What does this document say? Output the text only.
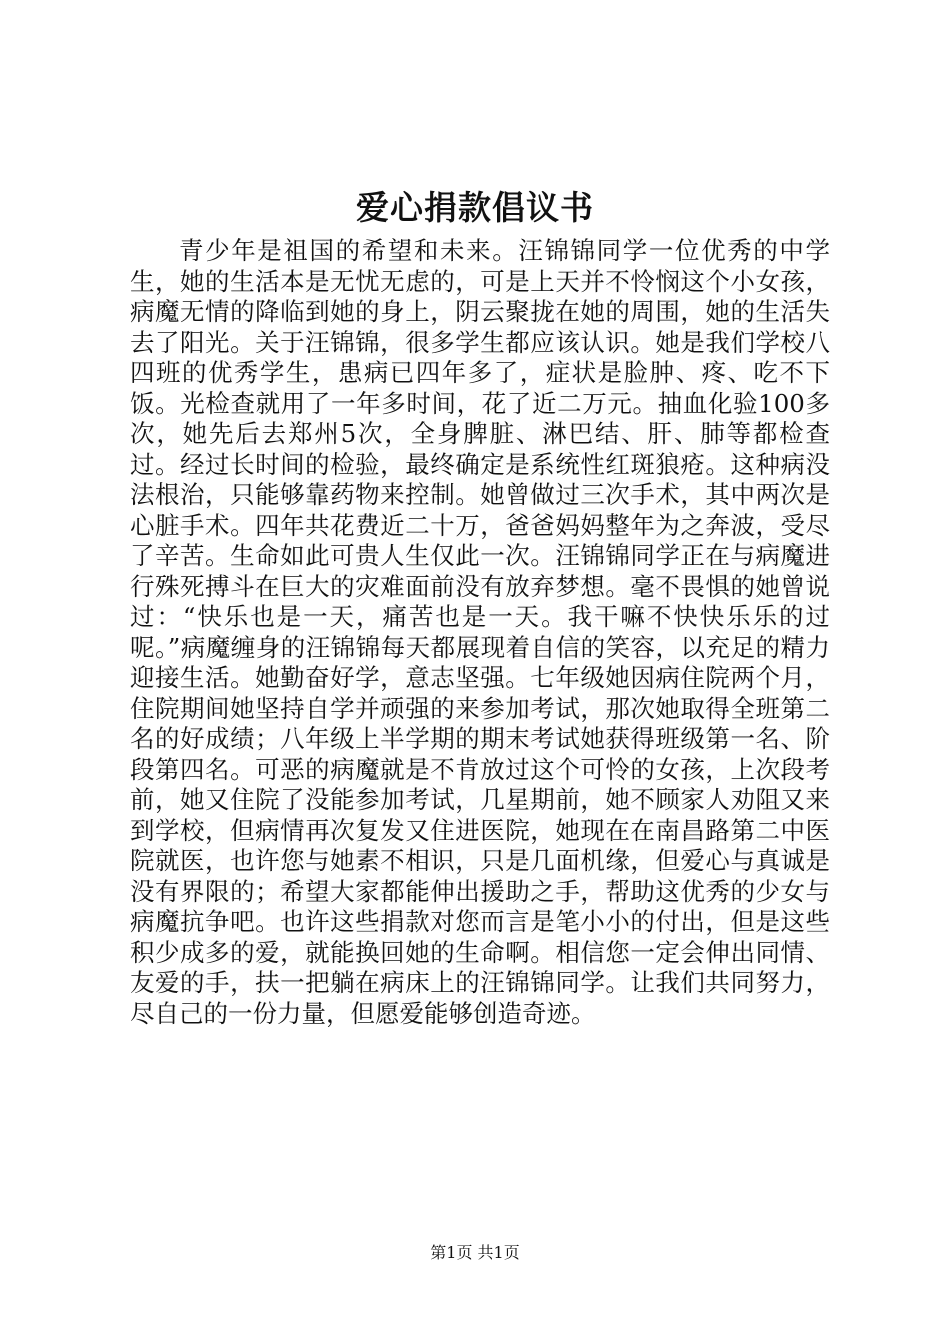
爱心捐款倡议书

青少年是祖国的希望和未来。汪锦锦同学一位优秀的中学生，她的生活本是无忧无虑的，可是上天并不怜悯这个小女孩，病魔无情的降临到她的身上，阴云聚拢在她的周围，她的生活失去了阳光。关于汪锦锦，很多学生都应该认识。她是我们学校八四班的优秀学生，患病已四年多了，症状是脸肿、疼、吃不下饭。光检查就用了一年多时间，花了近二万元。抽血化验100多次，她先后去郑州5次，全身脾脏、淋巴结、肝、肺等都检查过。经过长时间的检验，最终确定是系统性红斑狼疮。这种病没法根治，只能够靠药物来控制。她曾做过三次手术，其中两次是心脏手术。四年共花费近二十万，爸爸妈妈整年为之奔波，受尽了辛苦。生命如此可贵人生仅此一次。汪锦锦同学正在与病魔进行殊死搏斗在巨大的灾难面前没有放弃梦想。毫不畏惧的她曾说过：“快乐也是一天，痛苦也是一天。我干嘛不快快乐乐的过呢。”病魔缠身的汪锦锦每天都展现着自信的笑容，以充足的精力迎接生活。她勤奋好学，意志坚强。七年级她因病住院两个月，住院期间她坚持自学并顽强的来参加考试，那次她取得全班第二名的好成绩；八年级上半学期的期末考试她获得班级第一名、阶段第四名。可恶的病魔就是不肯放过这个可怜的女孩，上次段考前，她又住院了没能参加考试，几星期前，她不顾家人劝阻又来到学校，但病情再次复发又住进医院，她现在在南昌路第二中医院就医，也许您与她素不相识，只是几面机缘，但爱心与真诚是没有界限的；希望大家都能伸出援助之手，帮助这优秀的少女与病魔抗争吧。也许这些捐款对您而言是笔小小的付出，但是这些积少成多的爱，就能换回她的生命啊。相信您一定会伸出同情、友爱的手，扶一把躺在病床上的汪锦锦同学。让我们共同努力，尽自己的一份力量，但愿爱能够创造奇迹。

第1页 共1页
